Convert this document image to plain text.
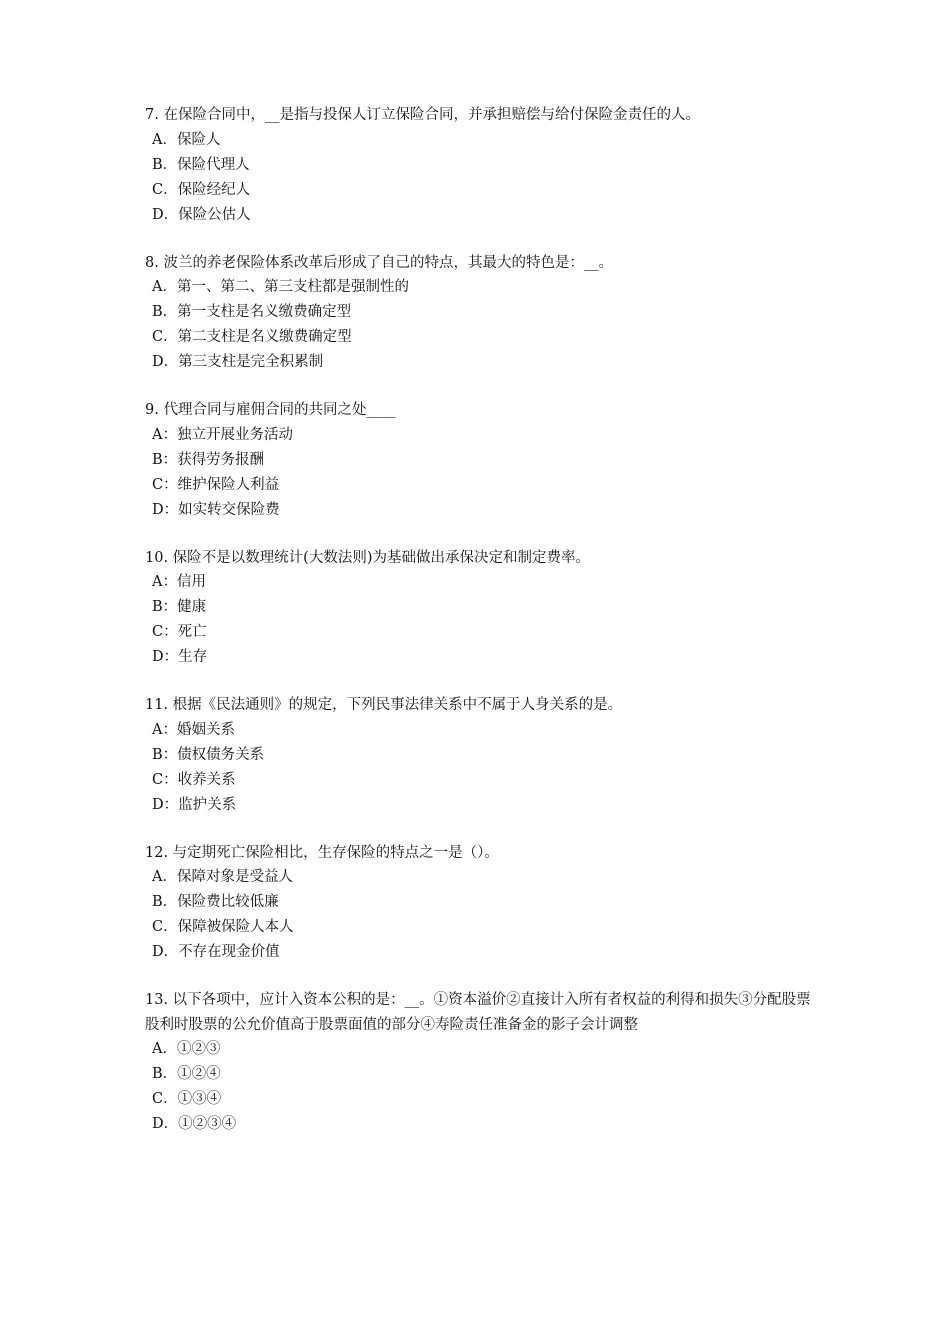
7. 在保险合同中，__是指与投保人订立保险合同，并承担赔偿与给付保险金责任的人。

A．保险人

B．保险代理人

C．保险经纪人

D．保险公估人

8. 波兰的养老保险体系改革后形成了自己的特点，其最大的特色是：__。

A．第一、第二、第三支柱都是强制性的

B．第一支柱是名义缴费确定型

C．第二支柱是名义缴费确定型

D．第三支柱是完全积累制

9. 代理合同与雇佣合同的共同之处____

A：独立开展业务活动

B：获得劳务报酬

C：维护保险人利益

D：如实转交保险费

10. 保险不是以数理统计(大数法则)为基础做出承保决定和制定费率。

A：信用

B：健康

C：死亡

D：生存

11. 根据《民法通则》的规定，下列民事法律关系中不属于人身关系的是。

A：婚姻关系

B：债权债务关系

C：收养关系

D：监护关系

12. 与定期死亡保险相比，生存保险的特点之一是（）。

A．保障对象是受益人

B．保险费比较低廉

C．保障被保险人本人

D．不存在现金价值

13. 以下各项中，应计入资本公积的是：__。①资本溢价②直接计入所有者权益的利得和损失③分配股票股利时股票的公允价值高于股票面值的部分④寿险责任准备金的影子会计调整

A．①②③

B．①②④

C．①③④

D．①②③④
